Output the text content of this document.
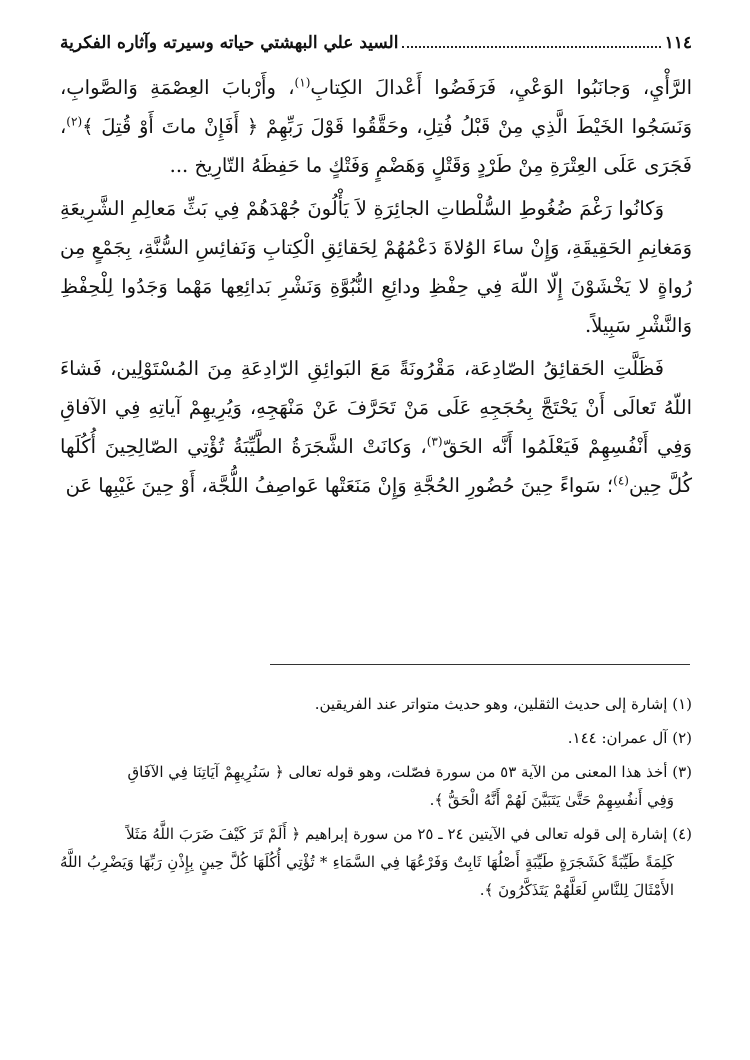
١١٤
السيد علي البهشتي حياته وسيرته وآثاره الفكرية

الرَّأْيِ، وَجانَبُوا الوَعْيِ، فَرَفَضُوا أَعْدالَ الكِتابِ$^{(١)}$، وأَرْبابَ العِصْمَةِ وَالصَّوابِ، وَنَسَجُوا الخَيْطَ الَّذِي مِنْ قَبْلُ فُتِلِ، وحَقَّقُوا قَوْلَ رَبِّهِمْ ﴿ أَفَإِنْ ماتَ أَوْ قُتِلَ ﴾$^{(٢)}$، فَجَرَى عَلَى العِتْرَةِ مِنْ طَرْدٍ وَقَتْلٍ وَهَضْمٍ وَفَتْكٍ ما حَفِظَهُ التّارِيخ ...

وَكانُوا رَغْمَ ضُغُوطِ السُّلْطاتِ الجائِرَةِ لاَ يَأْلُونَ جُهْدَهُمْ فِي بَثِّ مَعالِمِ الشَّرِيعَةِ وَمَغانِمِ الحَقِيقَةِ، وَإِنْ ساءَ الوُلاةَ دَعْمُهُمْ لِحَقائِقِ الْكِتابِ وَنَفائِسِ السُّنَّةِ، بِجَمْعٍ مِن رُواةٍ لا يَخْشَوْنَ إِلّا اللّهَ فِي حِفْظِ ودائِعِ النُّبُوَّةِ وَنَشْرِ بَدائِعِها مَهْما وَجَدُوا لِلْحِفْظِ وَالنَّشْرِ سَبِيلاً.

فَظَلَّتِ الحَقائِقُ الصّادِعَة، مَقْرُونَةً مَعَ البَوائِقِ الرّادِعَةِ مِنَ المُسْتَوْلِين، فَشاءَ اللّهُ تَعالَى أَنْ يَحْتَجَّ بِحُجَجِهِ عَلَى مَنْ تَحَرَّفَ عَنْ مَنْهَجِهِ، وَيُرِيهِمْ آياتِهِ فِي الآفاقِ وَفِي أَنْفُسِهِمْ فَيَعْلَمُوا أَنَّه الحَقّ$^{(٣)}$، وَكانَتْ الشَّجَرَةُ الطَّيِّبَةُ تُؤْتِي الصّالِحِينَ أُكُلَها كُلَّ حِين$^{(٤)}$؛ سَواءً حِينَ حُضُورِ الحُجَّةِ وَإِنْ مَنَعَتْها عَواصِفُ اللُّجَّة، أَوْ حِينَ غَيْبِها عَن

(١) إشارة إلى حديث الثقلين، وهو حديث متواتر عند الفريقين.
(٢) آل عمران: ١٤٤.
(٣) أخذ هذا المعنى من الآية ٥٣ من سورة فصّلت، وهو قوله تعالى ﴿ سَنُرِيهِمْ آيَاتِنَا فِي الآفَاقِ
وَفِي أَنفُسِهِمْ حَتَّىٰ يَتَبَيَّنَ لَهُمْ أَنَّهُ الْحَقُّ ﴾.
(٤) إشارة إلى قوله تعالى في الآيتين ٢٤ ـ ٢٥ من سورة إبراهيم ﴿ أَلَمْ تَرَ كَيْفَ ضَرَبَ اللَّهُ مَثَلاً
كَلِمَةً طَيِّبَةً كَشَجَرَةٍ طَيِّبَةٍ أَصْلُهَا ثَابِتٌ وَفَرْعُهَا فِي السَّمَاءِ * تُؤْتِي أُكُلَهَا كُلَّ حِينٍ بِإِذْنِ رَبِّهَا وَيَضْرِبُ اللَّهُ الأَمْثَالَ لِلنَّاسِ لَعَلَّهُمْ يَتَذَكَّرُونَ ﴾.
